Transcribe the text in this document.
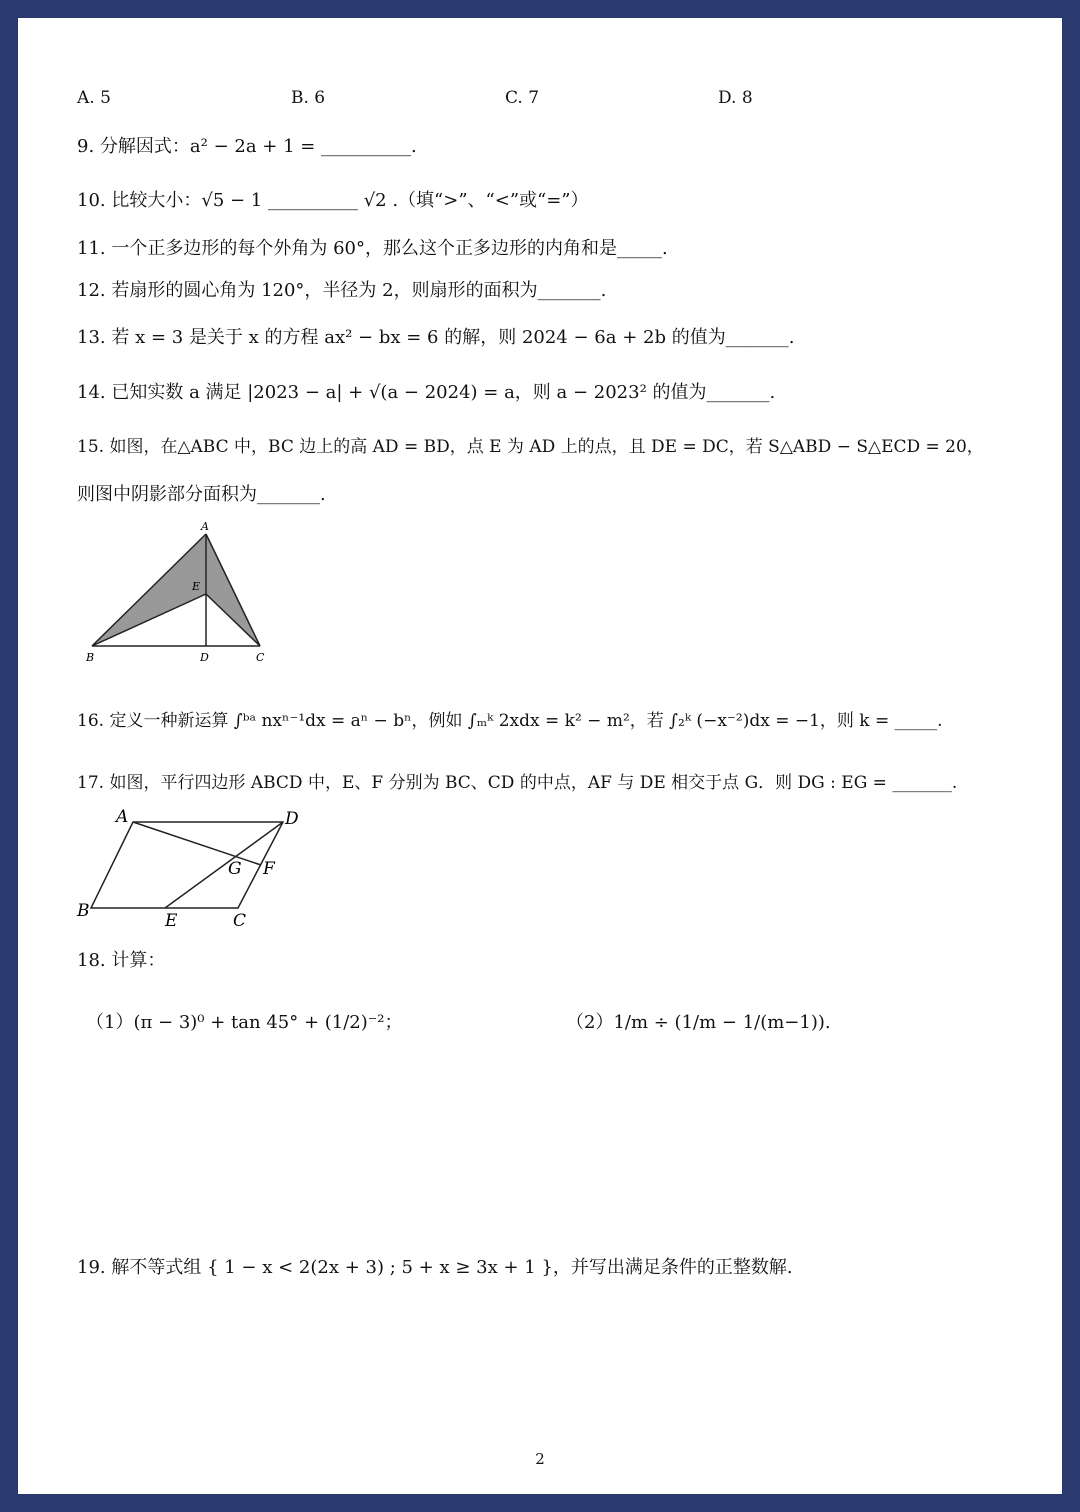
A. 5	B. 6	C. 7	D. 8
9. 分解因式：a² − 2a + 1 = __________.
10. 比较大小：√5 − 1 __________ √2 .（填“>”、“<”或“=”）
11. 一个正多边形的每个外角为 60°，那么这个正多边形的内角和是_____.
12. 若扇形的圆心角为 120°，半径为 2，则扇形的面积为_______.
13. 若 x = 3 是关于 x 的方程 ax² − bx = 6 的解，则 2024 − 6a + 2b 的值为_______.
14. 已知实数 a 满足 |2023 − a| + √(a − 2024) = a，则 a − 2023² 的值为_______.
15. 如图，在△ABC 中，BC 边上的高 AD = BD，点 E 为 AD 上的点，且 DE = DC，若 S△ABD − S△ECD = 20，
则图中阴影部分面积为_______.
A
B	C
D
E
16. 定义一种新运算 ∫ᵇᵃ nxⁿ⁻¹dx = aⁿ − bⁿ，例如 ∫ₘᵏ 2xdx = k² − m²，若 ∫₂ᵏ (−x⁻²)dx = −1，则 k = _____.
17. 如图，平行四边形 ABCD 中，E、F 分别为 BC、CD 的中点，AF 与 DE 相交于点 G．则 DG : EG = _______.
A	D
B	C
E
F
G
18. 计算：
（1）(π − 3)⁰ + tan 45° + (1/2)⁻²；	（2）1/m ÷ (1/m − 1/(m−1)).
19. 解不等式组 { 1 − x < 2(2x + 3) ; 5 + x ≥ 3x + 1 }，并写出满足条件的正整数解.
2
